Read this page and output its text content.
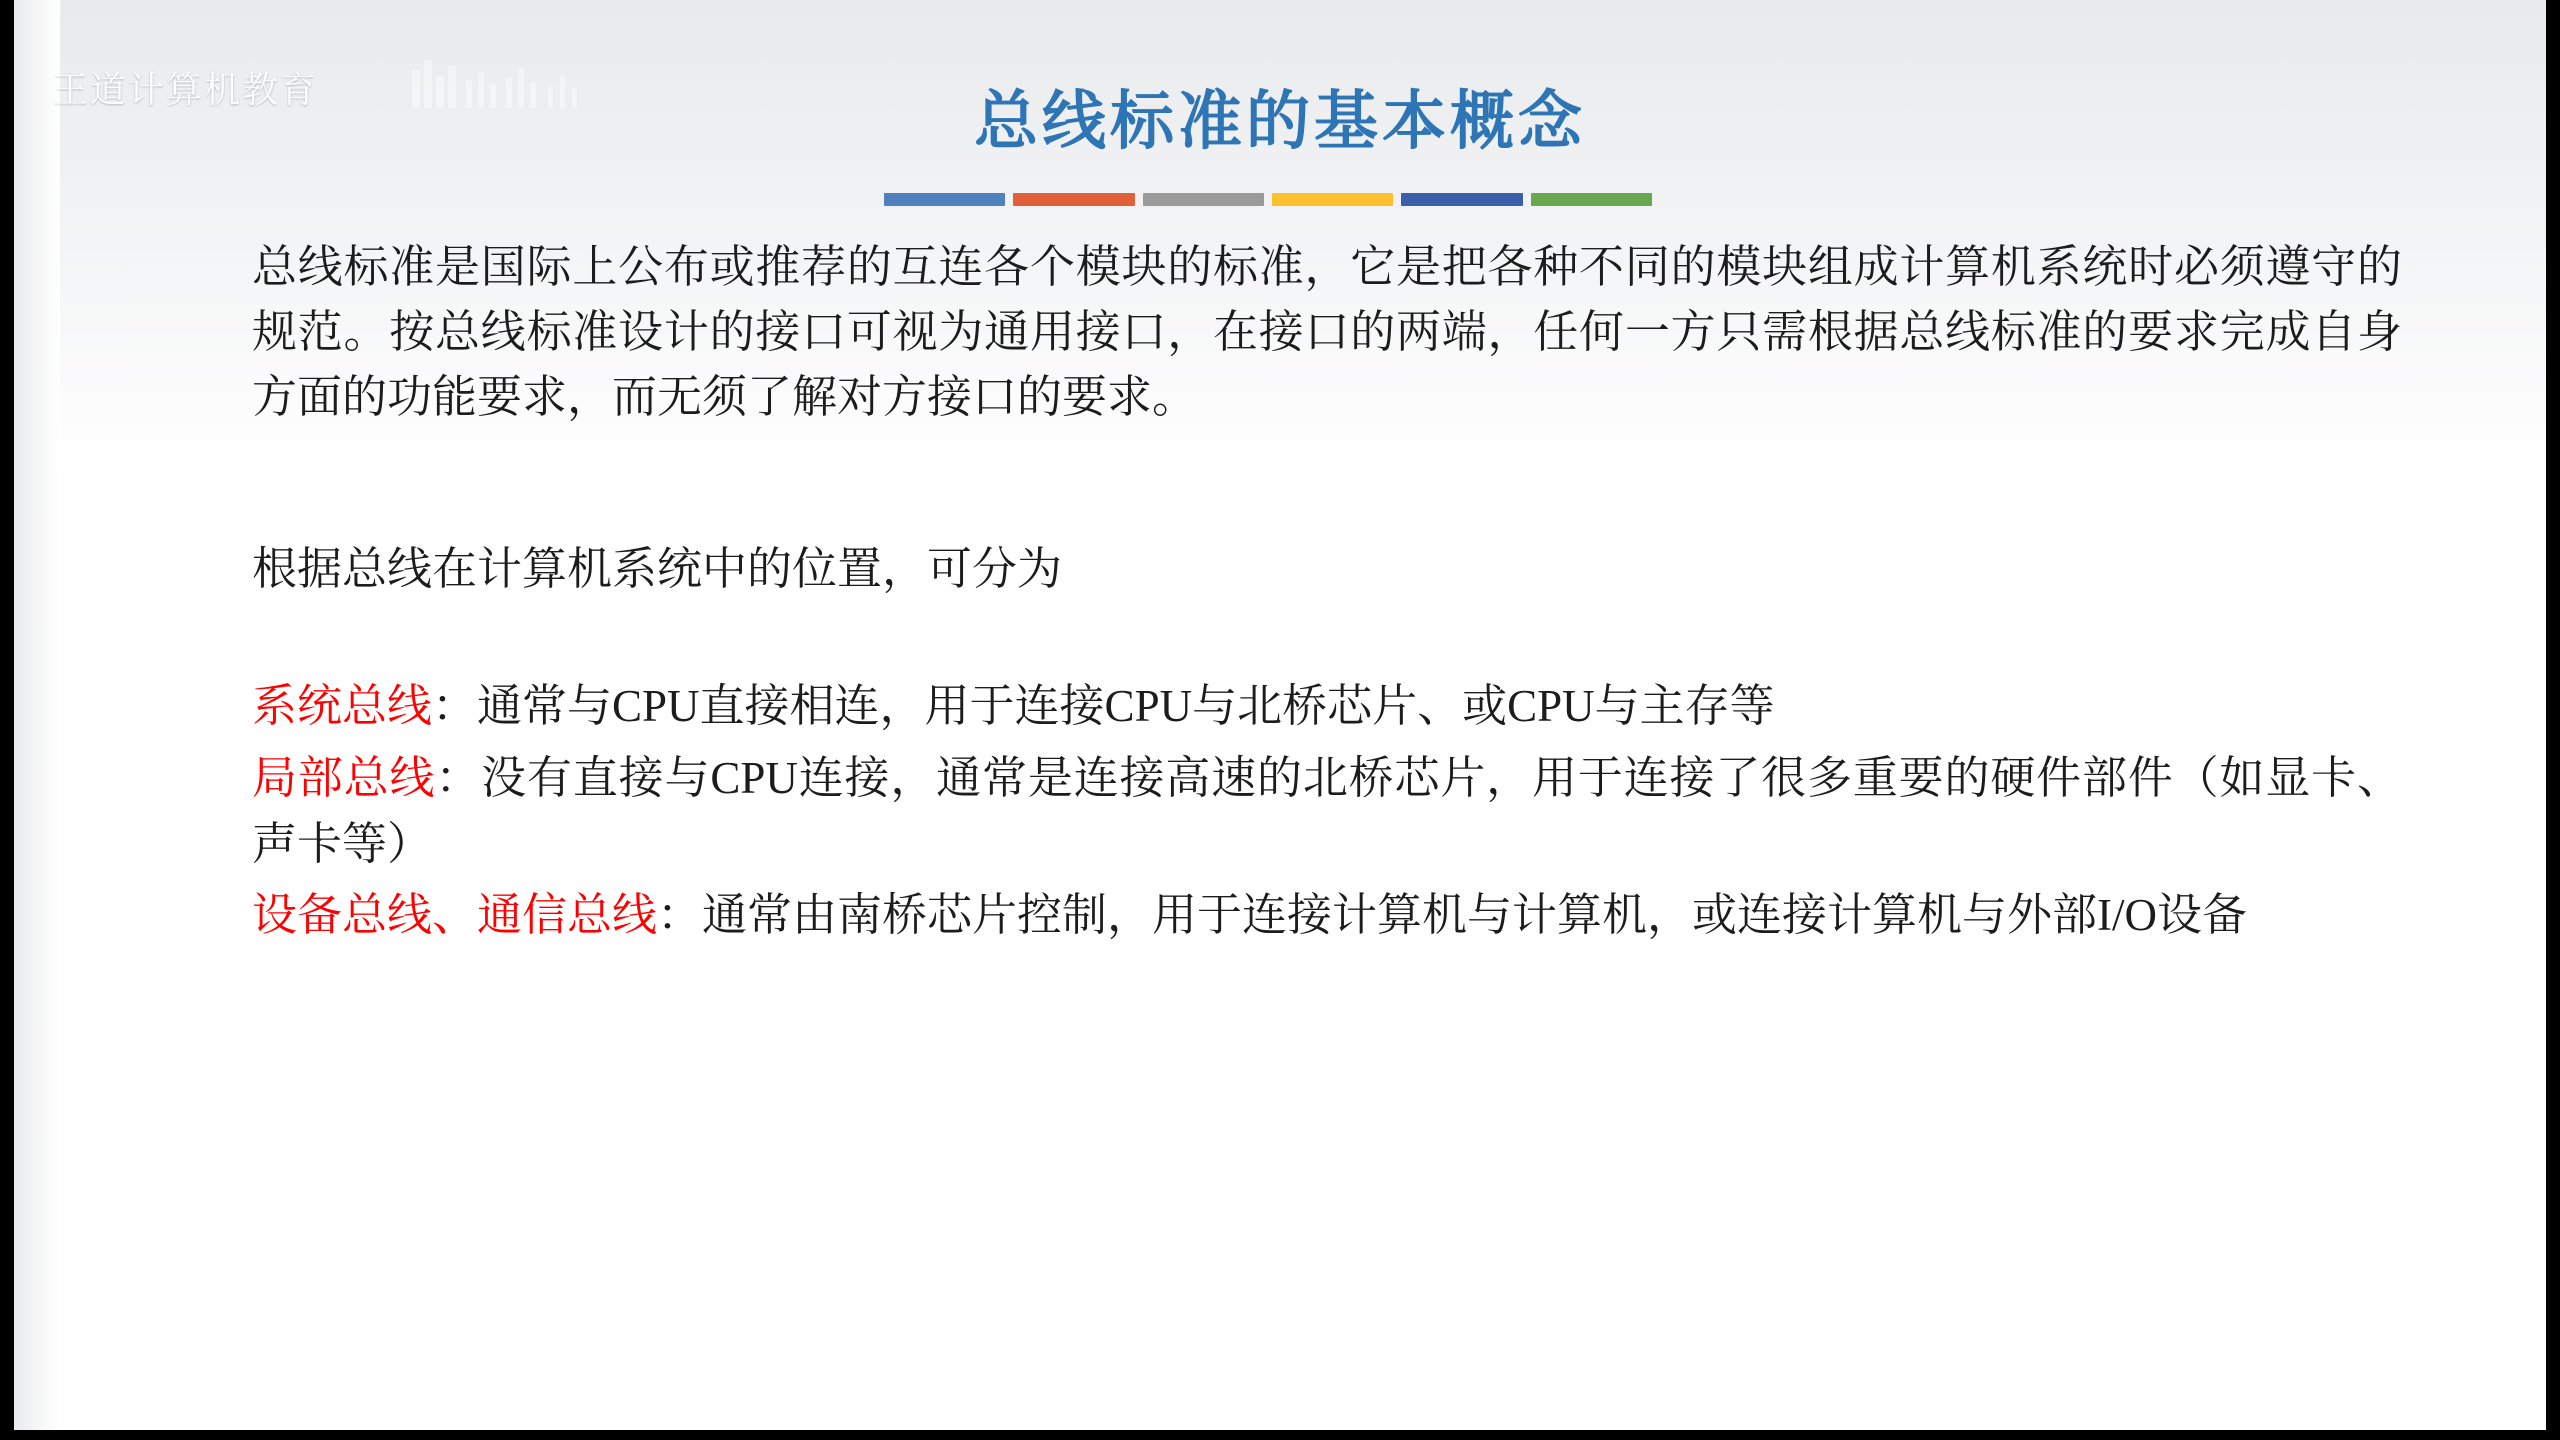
王道计算机教育	总线标准的基本概念

总线标准是国际上公布或推荐的互连各个模块的标准，它是把各种不同的模块组成计算机系统时必须遵守的规范。按总线标准设计的接口可视为通用接口，在接口的两端，任何一方只需根据总线标准的要求完成自身方面的功能要求，而无须了解对方接口的要求。

根据总线在计算机系统中的位置，可分为

系统总线：通常与CPU直接相连，用于连接CPU与北桥芯片、或CPU与主存等

局部总线：没有直接与CPU连接，通常是连接高速的北桥芯片，用于连接了很多重要的硬件部件（如显卡、声卡等）

设备总线、通信总线：通常由南桥芯片控制，用于连接计算机与计算机，或连接计算机与外部I/O设备
